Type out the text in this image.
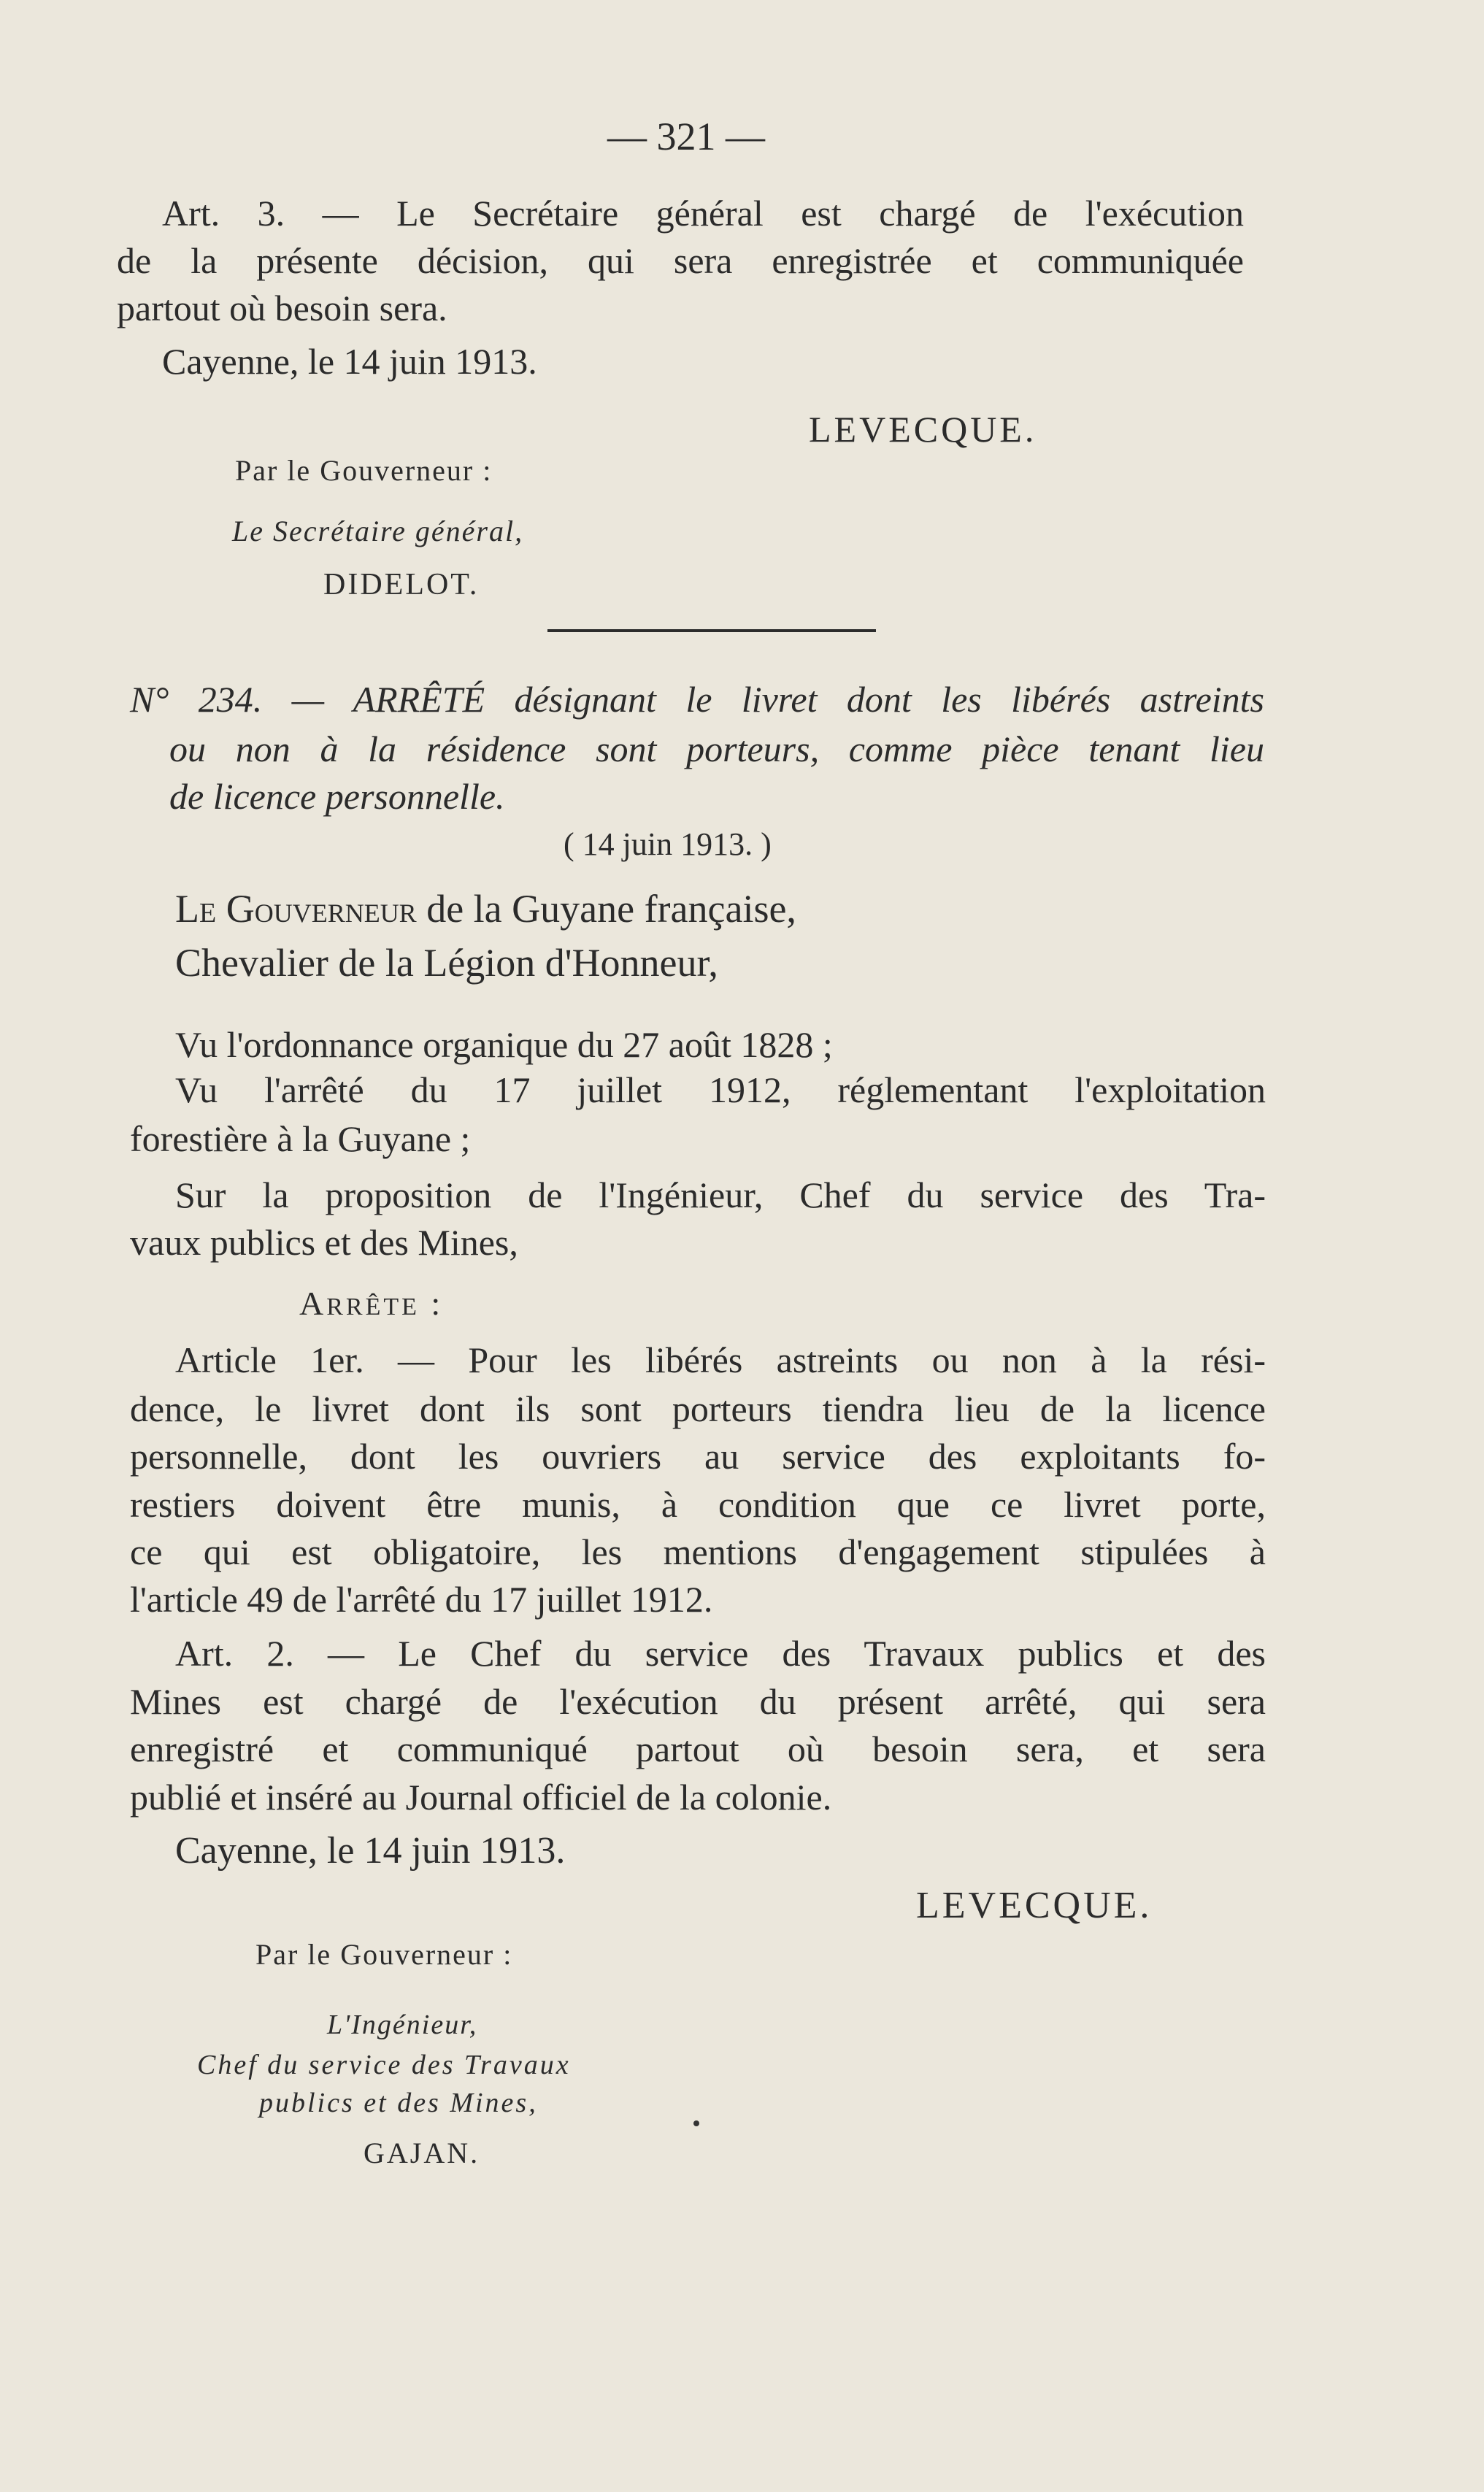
— 321 —
Art. 3. — Le Secrétaire général est chargé de l'exécution
de la présente décision, qui sera enregistrée et communiquée
partout où besoin sera.
Cayenne, le 14 juin 1913.
LEVECQUE.
Par le Gouverneur :
Le Secrétaire général,
DIDELOT.
N° 234. — ARRÊTÉ désignant le livret dont les libérés astreints
ou non à la résidence sont porteurs, comme pièce tenant lieu
de licence personnelle.
( 14 juin 1913. )
Le GOUVERNEUR de la Guyane française,
Chevalier de la Légion d'Honneur,
Vu l'ordonnance organique du 27 août 1828 ;
Vu l'arrêté du 17 juillet 1912, réglementant l'exploitation
forestière à la Guyane ;
Sur la proposition de l'Ingénieur, Chef du service des Tra-
vaux publics et des Mines,
ARRÊTE :
Article 1er. — Pour les libérés astreints ou non à la rési-
dence, le livret dont ils sont porteurs tiendra lieu de la licence
personnelle, dont les ouvriers au service des exploitants fo-
restiers doivent être munis, à condition que ce livret porte,
ce qui est obligatoire, les mentions d'engagement stipulées à
l'article 49 de l'arrêté du 17 juillet 1912.
Art. 2. — Le Chef du service des Travaux publics et des
Mines est chargé de l'exécution du présent arrêté, qui sera
enregistré et communiqué partout où besoin sera, et sera
publié et inséré au Journal officiel de la colonie.
Cayenne, le 14 juin 1913.
LEVECQUE.
Par le Gouverneur :
L'Ingénieur,
Chef du service des Travaux
publics et des Mines,
GAJAN.
